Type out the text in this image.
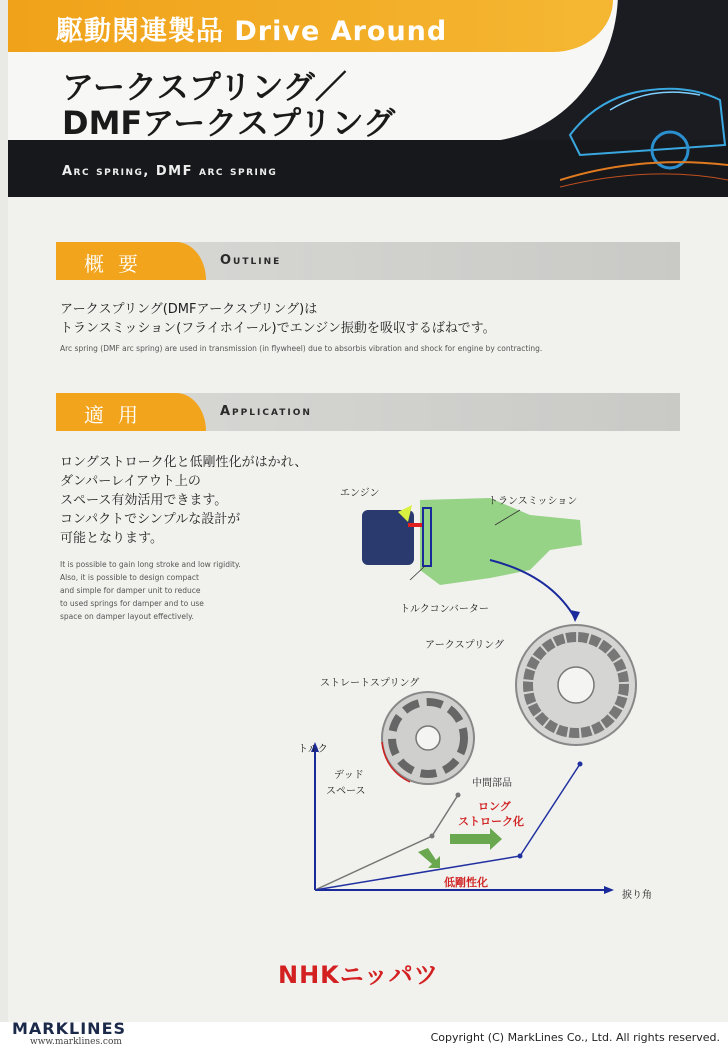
駆動関連製品 Drive Around
アークスプリング／
DMFアークスプリング
Arc spring, DMF arc spring
概要	Outline
アークスプリング(DMFアークスプリング)は
トランスミッション(フライホイール)でエンジン振動を吸収するばねです。
Arc spring (DMF arc spring) are used in transmission (in flywheel) due to absorbis vibration and shock for engine by contracting.
適用	Application
ロングストローク化と低剛性化がはかれ、
ダンパーレイアウト上の
スペース有効活用できます。
コンパクトでシンプルな設計が
可能となります。
It is possible to gain long stroke and low rigidity.
Also, it is possible to design compact
and simple for damper unit to reduce
to used springs for damper and to use
space on damper layout effectively.
トランスミッション
エンジン
トルクコンバーター
アークスプリング
ストレートスプリング
デッド
スペース
中間部品
トルク
捩り角
ロング
ストローク化
低剛性化
NHKニッパツ
MARKLINES
www.marklines.com	Copyright (C) MarkLines Co., Ltd. All rights reserved.
